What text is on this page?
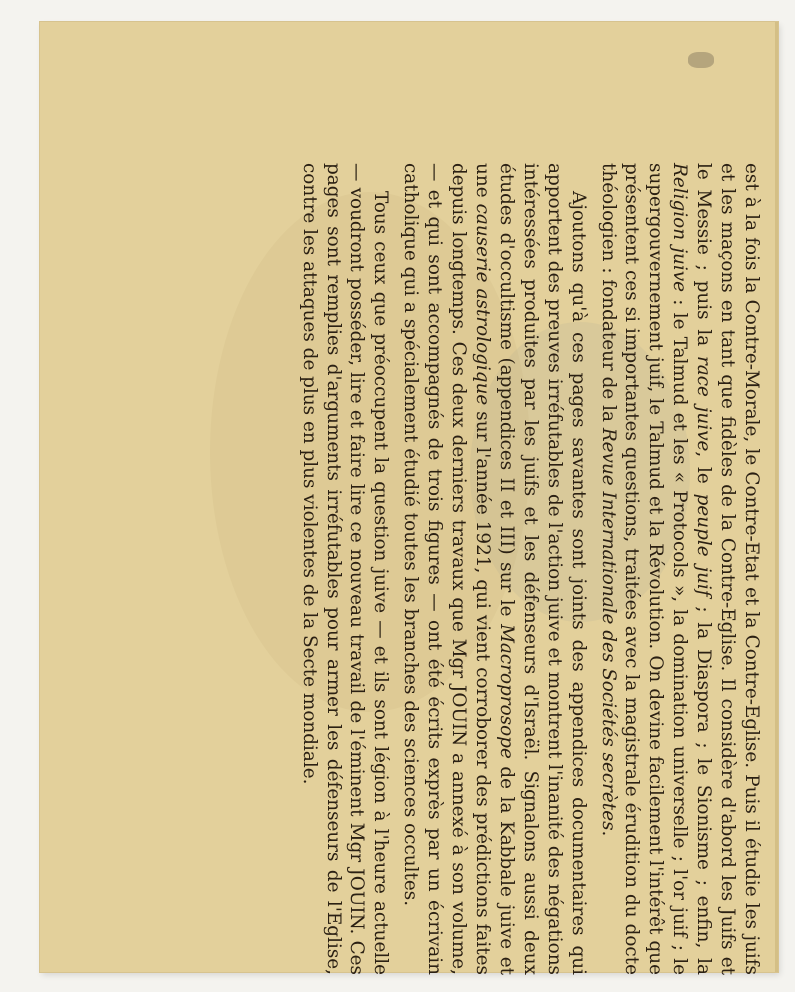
est à la fois la Contre-Morale, le Contre-Etat et la Contre-Eglise. Puis il étudie les juifs et les maçons en tant que fidèles de la Contre-Eglise. Il considère d'abord les Juifs et le Messie ; puis la race juive, le peuple juif ; la Diaspora ; le Sionisme ; enfin, la Religion juive : le Talmud et les « Protocols », la domination universelle ; l'or juif ; le supergouvernement juif, le Talmud et la Révolution. On devine facilement l'intérêt que présentent ces si importantes questions, traitées avec la magistrale érudition du docte théologien : fondateur de la Revue Internationale des Sociétés secrètes.

Ajoutons qu'à ces pages savantes sont joints des appendices documentaires qui apportent des preuves irréfutables de l'action juive et montrent l'inanité des négations intéressées produites par les juifs et les défenseurs d'Israël. Signalons aussi deux études d'occultisme (appendices II et III) sur le Macroprosope de la Kabbale juive et une causerie astrologique sur l'année 1921, qui vient corroborer des prédictions faites depuis longtemps. Ces deux derniers travaux que Mgr JOUIN a annexé à son volume, — et qui sont accompagnés de trois figures — ont été écrits exprès par un écrivain catholique qui a spécialement étudié toutes les branches des sciences occultes.

Tous ceux que préoccupent la question juive — et ils sont légion à l'heure actuelle — voudront posséder, lire et faire lire ce nouveau travail de l'éminent Mgr JOUIN. Ces pages sont remplies d'arguments irréfutables pour armer les défenseurs de l'Eglise, contre les attaques de plus en plus violentes de la Secte mondiale.
